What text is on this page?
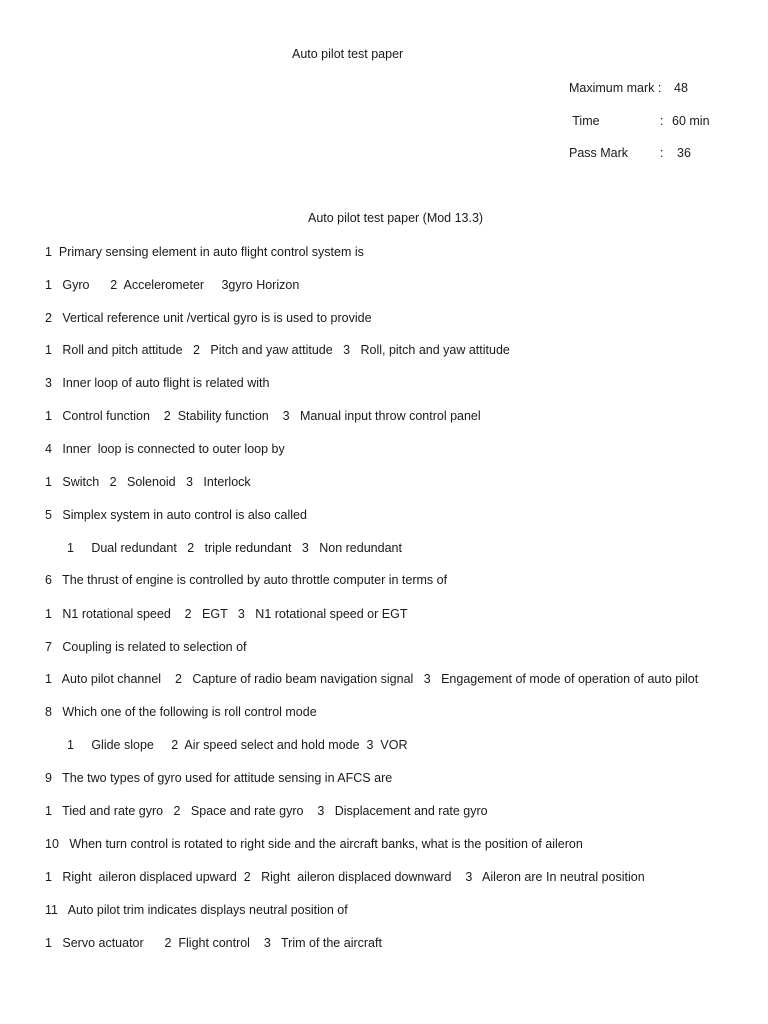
Auto pilot test paper

Maximum mark :

48

Time

	:

60 min

Pass Mark

	:

36

Auto pilot test paper (Mod 13.3)
1  Primary sensing element in auto flight control system is
1   Gyro      2  Accelerometer     3gyro Horizon
2   Vertical reference unit /vertical gyro is is used to provide
1   Roll and pitch attitude   2   Pitch and yaw attitude   3   Roll, pitch and yaw attitude
3   Inner loop of auto flight is related with
1   Control function    2  Stability function    3   Manual input throw control panel
4   Inner  loop is connected to outer loop by
1   Switch   2   Solenoid   3   Interlock
5   Simplex system in auto control is also called
1     Dual redundant   2   triple redundant   3   Non redundant
6   The thrust of engine is controlled by auto throttle computer in terms of
1   N1 rotational speed    2   EGT   3   N1 rotational speed or EGT
7   Coupling is related to selection of
1   Auto pilot channel    2   Capture of radio beam navigation signal   3   Engagement of mode of operation of auto pilot
8   Which one of the following is roll control mode
1     Glide slope     2  Air speed select and hold mode  3  VOR
9   The two types of gyro used for attitude sensing in AFCS are
1   Tied and rate gyro   2   Space and rate gyro    3   Displacement and rate gyro
10   When turn control is rotated to right side and the aircraft banks, what is the position of aileron
1   Right  aileron displaced upward  2   Right  aileron displaced downward    3   Aileron are In neutral position
11   Auto pilot trim indicates displays neutral position of
1   Servo actuator      2  Flight control    3   Trim of the aircraft
